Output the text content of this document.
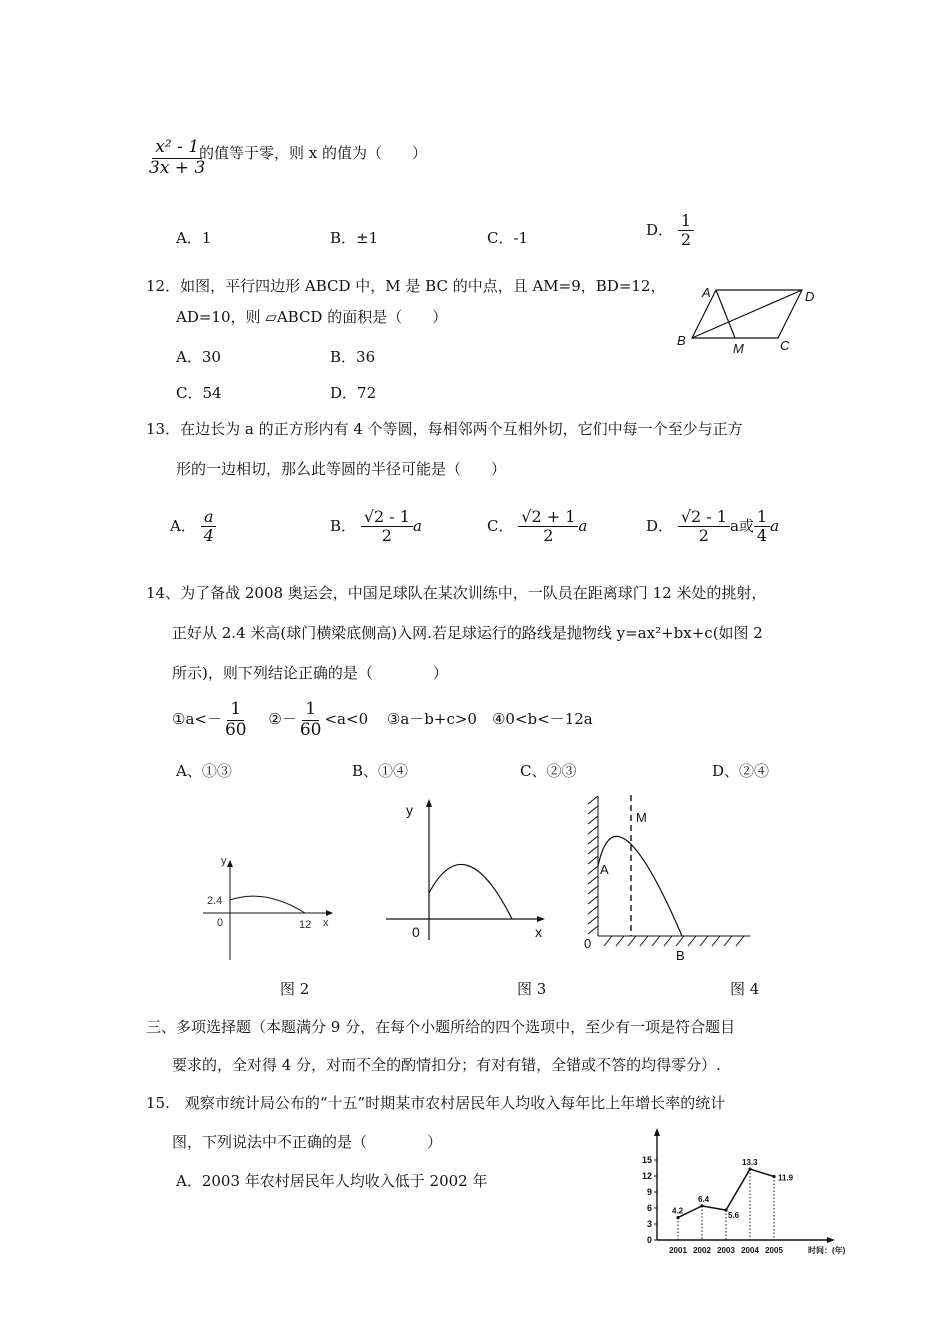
$\frac{\text{x² - 1}}{3x + 3}$
的值等于零，则 x 的值为（　　）
A．1	B．±1	C．-1	D． $\frac{1}{2}$
12．如图，平行四边形 ABCD 中，M 是 BC 的中点，且 AM=9，BD=12，
AD=10，则 ▱ABCD 的面积是（　　）
A．30	B．36
C．54	D．72
A	D
B
M	C
13．在边长为 a 的正方形内有 4 个等圆，每相邻两个互相外切，它们中每一个至少与正方
形的一边相切，那么此等圆的半径可能是（　　）
A． $\frac{a}{4}$	B． $\frac{√2 - 1}{2}$ a	C． $\frac{√2 + 1}{2}$ a	D． $\frac{√2 - 1}{2}$ a或 $\frac{1}{4}$ a
14、为了备战 2008 奥运会，中国足球队在某次训练中，一队员在距离球门 12 米处的挑射，
正好从 2.4 米高(球门横梁底侧高)入网.若足球运行的路线是抛物线 y=ax²+bx+c(如图 2
所示)，则下列结论正确的是（　　　　）
①a<－ $\frac{1}{60}$ ②－ $\frac{1}{60} <a<0$ ③a－b+c>0　④0<b<－12a
A、①③	B、①④	C、②③	D、②④
y
x
0
2.4
12
图 2
y
x
0
图 3
M
A
0
B
图 4
三、多项选择题（本题满分 9 分，在每个小题所给的四个选项中，至少有一项是符合题目
要求的，全对得 4 分，对而不全的酌情扣分；有对有错，全错或不答的均得零分）.
15.　观察市统计局公布的“十五”时期某市农村居民年人均收入每年比上年增长率的统计
图，下列说法中不正确的是（　　　　）
A．2003 年农村居民年人均收入低于 2002 年
0
3
6
9
12
15
2001 2002 2003 2004 2005	时间：(年)
4.2
6.4
5.6
13.3
11.9
